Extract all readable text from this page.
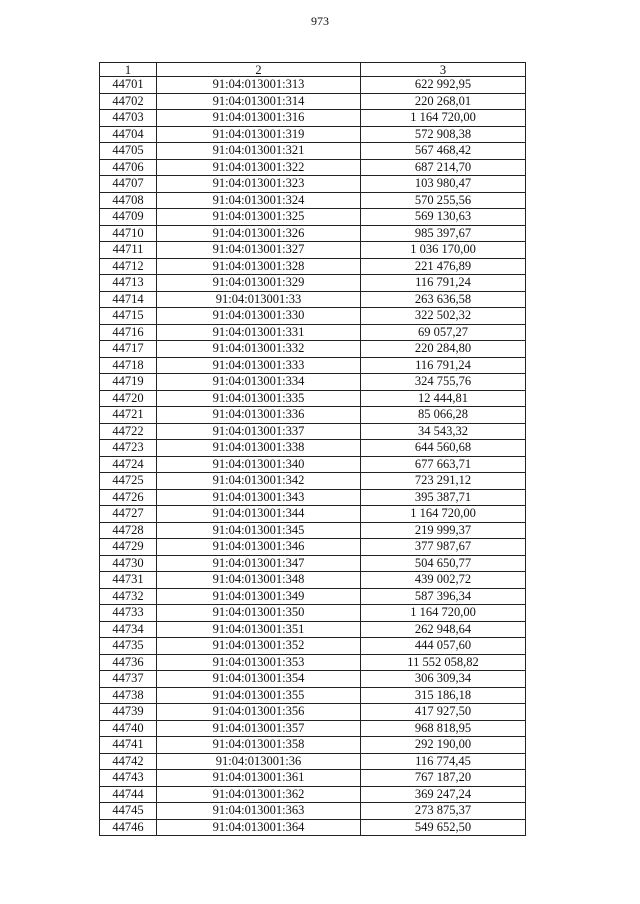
973
1	2	3
44701	91:04:013001:313	622 992,95
44702	91:04:013001:314	220 268,01
44703	91:04:013001:316	1 164 720,00
44704	91:04:013001:319	572 908,38
44705	91:04:013001:321	567 468,42
44706	91:04:013001:322	687 214,70
44707	91:04:013001:323	103 980,47
44708	91:04:013001:324	570 255,56
44709	91:04:013001:325	569 130,63
44710	91:04:013001:326	985 397,67
44711	91:04:013001:327	1 036 170,00
44712	91:04:013001:328	221 476,89
44713	91:04:013001:329	116 791,24
44714	91:04:013001:33	263 636,58
44715	91:04:013001:330	322 502,32
44716	91:04:013001:331	69 057,27
44717	91:04:013001:332	220 284,80
44718	91:04:013001:333	116 791,24
44719	91:04:013001:334	324 755,76
44720	91:04:013001:335	12 444,81
44721	91:04:013001:336	85 066,28
44722	91:04:013001:337	34 543,32
44723	91:04:013001:338	644 560,68
44724	91:04:013001:340	677 663,71
44725	91:04:013001:342	723 291,12
44726	91:04:013001:343	395 387,71
44727	91:04:013001:344	1 164 720,00
44728	91:04:013001:345	219 999,37
44729	91:04:013001:346	377 987,67
44730	91:04:013001:347	504 650,77
44731	91:04:013001:348	439 002,72
44732	91:04:013001:349	587 396,34
44733	91:04:013001:350	1 164 720,00
44734	91:04:013001:351	262 948,64
44735	91:04:013001:352	444 057,60
44736	91:04:013001:353	11 552 058,82
44737	91:04:013001:354	306 309,34
44738	91:04:013001:355	315 186,18
44739	91:04:013001:356	417 927,50
44740	91:04:013001:357	968 818,95
44741	91:04:013001:358	292 190,00
44742	91:04:013001:36	116 774,45
44743	91:04:013001:361	767 187,20
44744	91:04:013001:362	369 247,24
44745	91:04:013001:363	273 875,37
44746	91:04:013001:364	549 652,50
